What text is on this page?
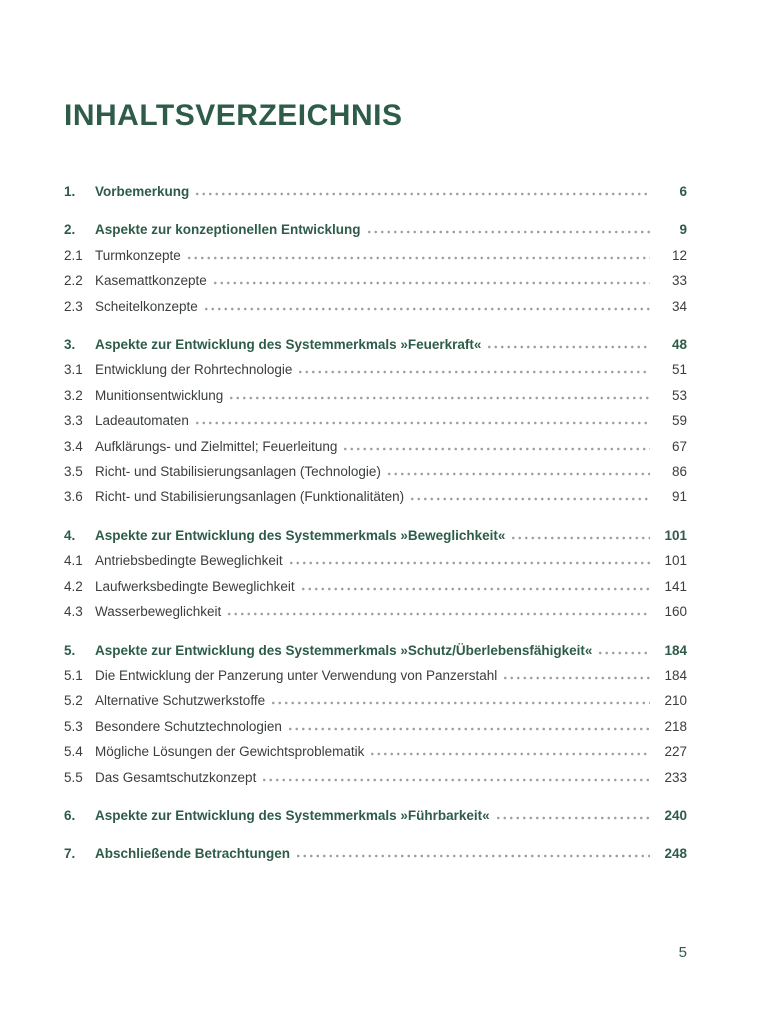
INHALTSVERZEICHNIS
1.	Vorbemerkung	6
2.	Aspekte zur konzeptionellen Entwicklung	9
2.1 Turmkonzepte	12
2.2 Kasemattkonzepte	33
2.3 Scheitelkonzepte	34
3.	Aspekte zur Entwicklung des Systemmerkmals »Feuerkraft«	48
3.1 Entwicklung der Rohrtechnologie	51
3.2 Munitionsentwicklung	53
3.3 Ladeautomaten	59
3.4 Aufklärungs- und Zielmittel; Feuerleitung	67
3.5 Richt- und Stabilisierungsanlagen (Technologie)	86
3.6 Richt- und Stabilisierungsanlagen (Funktionalitäten)	91
4.	Aspekte zur Entwicklung des Systemmerkmals »Beweglichkeit«	101
4.1 Antriebsbedingte Beweglichkeit	101
4.2 Laufwerksbedingte Beweglichkeit	141
4.3 Wasserbeweglichkeit	160
5.	Aspekte zur Entwicklung des Systemmerkmals »Schutz/Überlebensfähigkeit«	184
5.1 Die Entwicklung der Panzerung unter Verwendung von Panzerstahl	184
5.2 Alternative Schutzwerkstoffe	210
5.3 Besondere Schutztechnologien	218
5.4 Mögliche Lösungen der Gewichtsproblematik	227
5.5 Das Gesamtschutzkonzept	233
6.	Aspekte zur Entwicklung des Systemmerkmals »Führbarkeit«	240
7.	Abschließende Betrachtungen	248
5
